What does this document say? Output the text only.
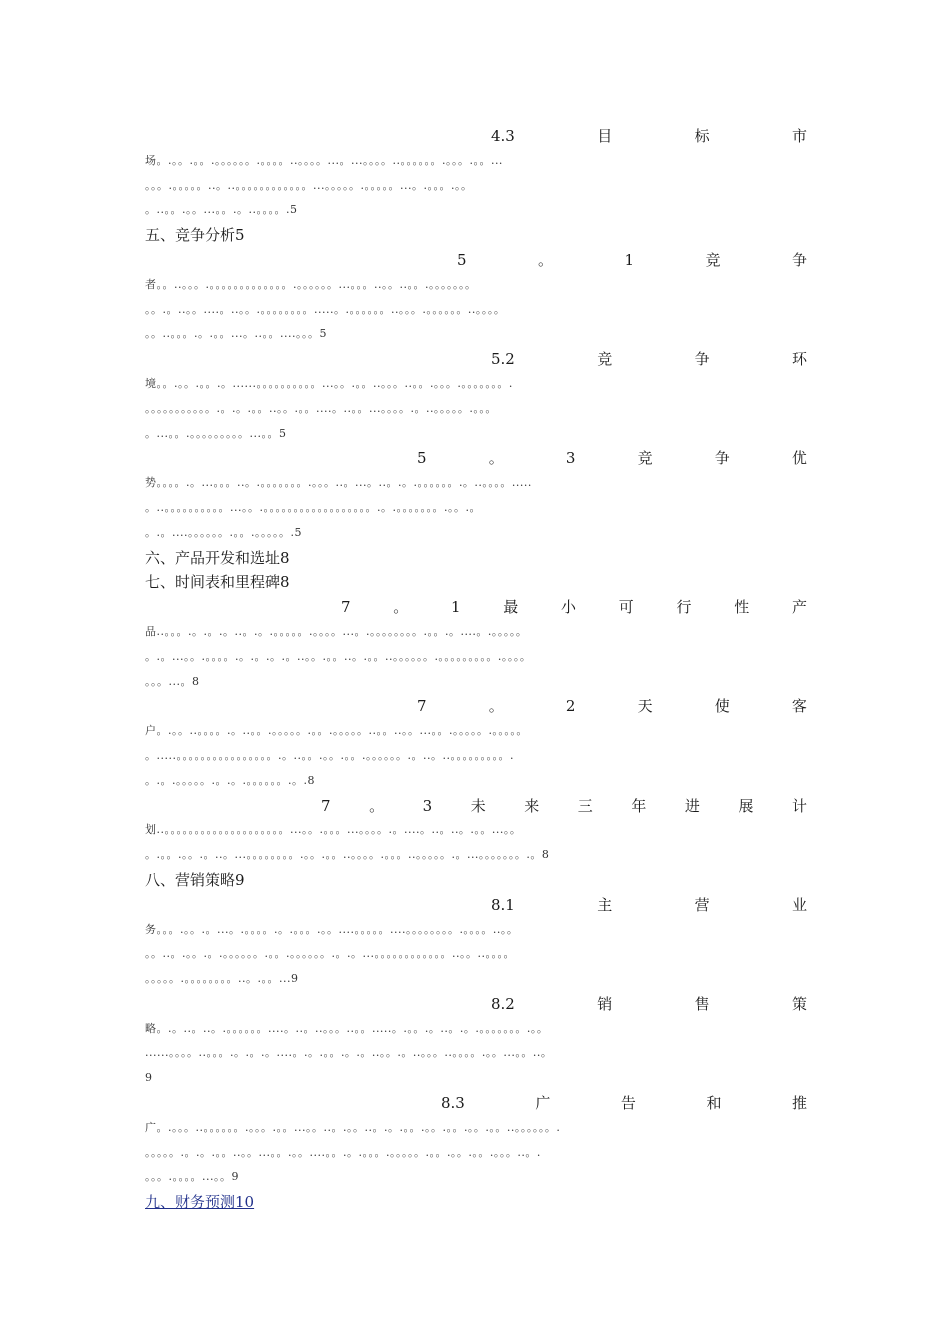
4.3	目	标	市
场。.。。.。。.。。。。。。.。。。。..。。。。...。...。。。。..。。。。。。.。。。.。。...
。。。.。。。。。..。..。。。。。。。。。。。。...。。。。。.。。。。。...。.。。。.。。
。..。。.。。...。。.。..。。。。.5
五、竞争分析5
5	。	1	竞	争
者。。..。。。.。。。。。。。。。。。。。.。。。。。。...。。。..。。..。。.。。。。。。。
。。.。..。。....。..。。.。。。。。。。。.....。.。。。。。。..。。。.。。。。。。..。。。。
。。..。。。.。.。。...。..。。....。。。5
5.2	竞	争	环
境。。.。。.。。.。......。。。。。。。。。。...。。.。。..。。。..。。.。。。.。。。。。。。.
。。。。。。。。。。。.。.。.。。..。。.。。....。..。。...。。。。.。..。。。。。.。。。
。...。。.。。。。。。。。。...。。5
5	。	3	竞	争	优
势。。。。.。...。。。..。.。。。。。。。.。。。..。...。..。.。.。。。。。。.。..。。。。.....
。..。。。。。。。。。。...。。.。。。。。。。。。。。。。。。。。。.。.。。。。。。。.。。.。
。.。....。。。。。。.。。.。。。。。.5
六、产品开发和选址8
七、时间表和里程碑8
7	。	1	最	小	可	行	性	产
品..。。。.。.。.。..。.。.。。。。。.。。。。...。.。。。。。。。。.。。.。....。.。。。。。
。.。...。。.。。。。.。.。.。.。..。。.。。..。.。。..。。。。。。.。。。。。。。。。.。。。。
。。。...。8
7	。	2	天	使	客
户。.。。..。。。。.。..。。.。。。。。.。。.。。。。。..。。..。。...。。.。。。。。.。。。。。
。.....。。。。。。。。。。。。。。。。.。..。。.。。.。。.。。。。。。.。..。..。。。。。。。。。.
。.。.。。。。。.。.。.。。。。。。.。.8
7	。	3	未	来	三	年	进	展	计
划..。。。。。。。。。。。。。。。。。。。。...。。.。。。...。。。。.。....。..。..。.。。...。。
。.。。.。。.。..。...。。。。。。。。.。。.。。..。。。。.。。。..。。。。。.。...。。。。。。。.。8
八、营销策略9
8.1	主	营	业
务。。。.。。.。...。.。。。。.。.。。。.。。....。。。。。....。。。。。。。。.。。。。..。。
。。..。.。。.。.。。。。。。.。。.。。。。。。.。.。...。。。。。。。。。。。。..。。..。。。。
。。。。。.。。。。。。。。..。.。。...9
8.2	销	售	策
略。.。..。..。.。。。。。。....。..。..。。。..。。.....。.。。.。..。.。.。。。。。。。.。。
......。。。。..。。。.。.。.。....。.。.。。.。.。..。。.。..。。。..。。。。.。。...。。..。
9
8.3	广	告	和	推
广。.。。。..。。。。。。.。。。.。。...。。..。.。。..。.。.。。.。。.。。.。。.。。..。。。。。。.
。。。。。.。.。.。。..。。...。。.。。....。。.。.。。。.。。。。。.。。.。。.。。.。。。..。.
。。。.。。。。...。。9
九、财务预测10
